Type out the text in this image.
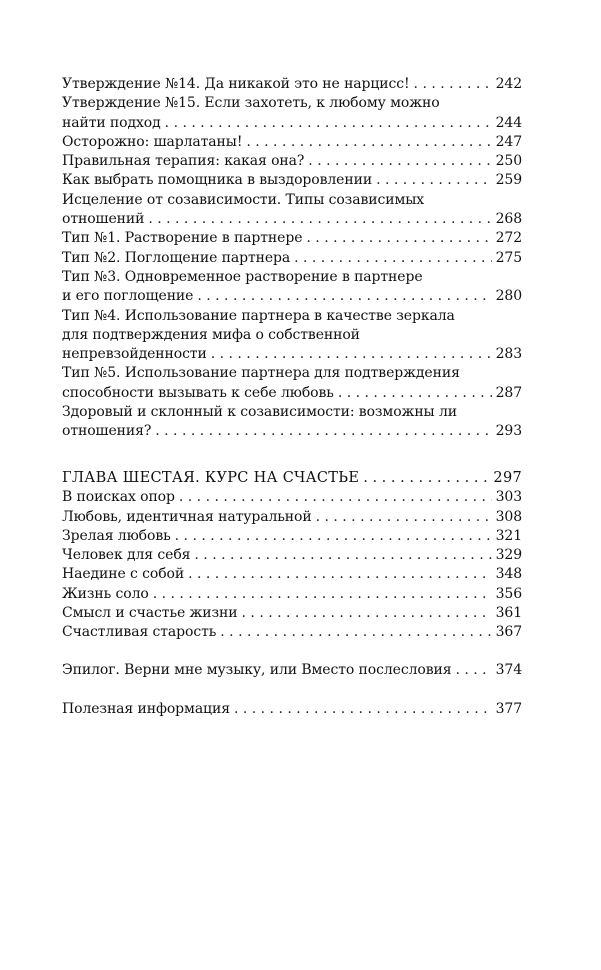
Утверждение №14. Да никакой это не нарцисс! . . .	242
Утверждение №15. Если захотеть, к любому можно
найти подход . . .	244
Осторожно: шарлатаны! . . .	247
Правильная терапия: какая она? . . .	250
Как выбрать помощника в выздоровлении . . .	259
Исцеление от созависимости. Типы созависимых
отношений . . .	268
Тип №1. Растворение в партнере . . .	272
Тип №2. Поглощение партнера . . .	275
Тип №3. Одновременное растворение в партнере
и его поглощение . . .	280
Тип №4. Использование партнера в качестве зеркала
для подтверждения мифа о собственной
непревзойденности . . .	283
Тип №5. Использование партнера для подтверждения
способности вызывать к себе любовь . . .	287
Здоровый и склонный к созависимости: возможны ли
отношения? . . .	293
ГЛАВА ШЕСТАЯ. КУРС НА СЧАСТЬЕ . . .	297
В поисках опор . . .	303
Любовь, идентичная натуральной . . .	308
Зрелая любовь . . .	321
Человек для себя . . .	329
Наедине с собой . . .	348
Жизнь соло . . .	356
Смысл и счастье жизни . . .	361
Счастливая старость . . .	367
Эпилог. Верни мне музыку, или Вместо послесловия . . .	374
Полезная информация . . .	377
